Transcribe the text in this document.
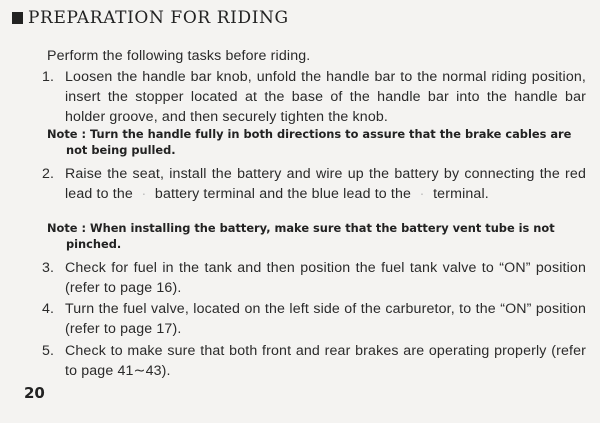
PREPARATION FOR RIDING
Perform the following tasks before riding.
1. Loosen the handle bar knob, unfold the handle bar to the normal riding position, insert the stopper located at the base of the handle bar into the handle bar holder groove, and then securely tighten the knob.
Note : Turn the handle fully in both directions to assure that the brake cables are
not being pulled.
2. Raise the seat, install the battery and wire up the battery by connecting the red lead to the · battery terminal and the blue lead to the · terminal.
Note : When installing the battery, make sure that the battery vent tube is not
pinched.
3. Check for fuel in the tank and then position the fuel tank valve to “ON” position (refer to page 16).
4. Turn the fuel valve, located on the left side of the carburetor, to the “ON” position (refer to page 17).
5. Check to make sure that both front and rear brakes are operating properly (refer to page 41∼43).
20
